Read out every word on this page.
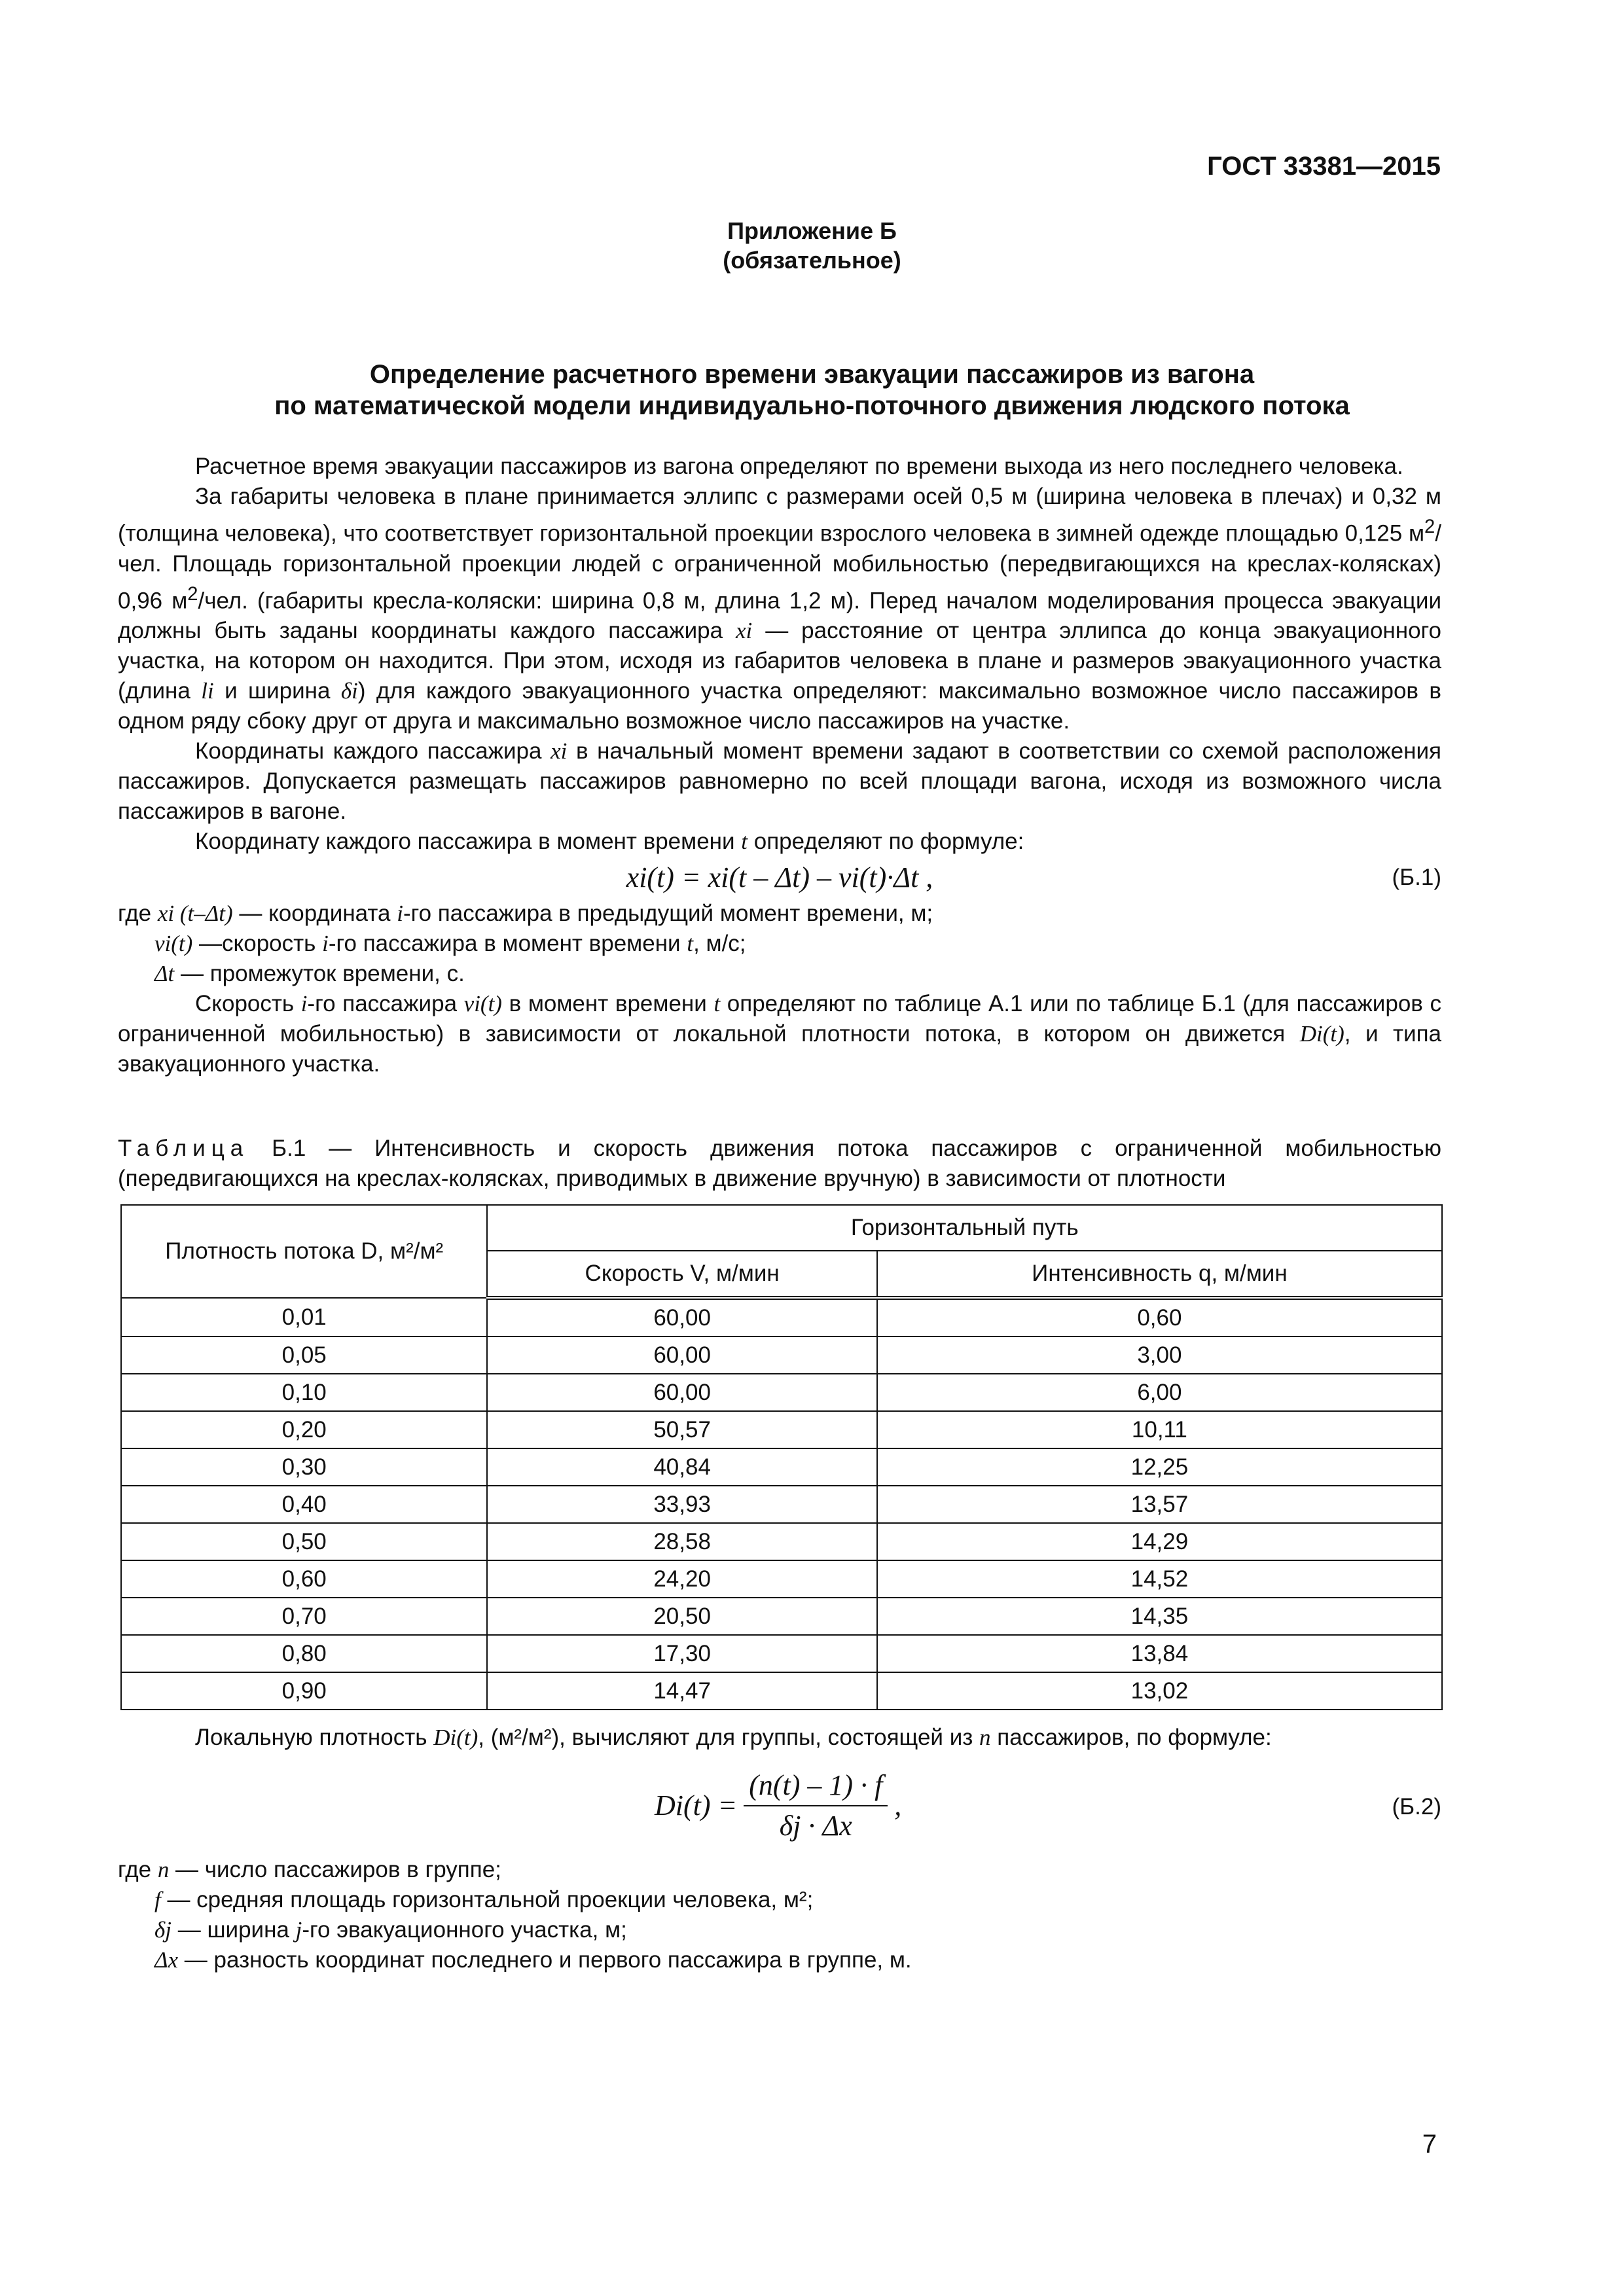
ГОСТ 33381—2015
Приложение Б
(обязательное)
Определение расчетного времени эвакуации пассажиров из вагона
по математической модели индивидуально-поточного движения людского потока

Расчетное время эвакуации пассажиров из вагона определяют по времени выхода из него последнего человека.

За габариты человека в плане принимается эллипс с размерами осей 0,5 м (ширина человека в плечах) и 0,32 м (толщина человека), что соответствует горизонтальной проекции взрослого человека в зимней одежде площадью 0,125 $м^2$/чел. Площадь горизонтальной проекции людей с ограниченной мобильностью (передвигающихся на креслах-колясках) 0,96 $м^2$/чел. (габариты кресла-коляски: ширина 0,8 м, длина 1,2 м). Перед началом моделирования процесса эвакуации должны быть заданы координаты каждого пассажира xi — расстояние от центра эллипса до конца эвакуационного участка, на котором он находится. При этом, исходя из габаритов человека в плане и размеров эвакуационного участка (длина li и ширина δi) для каждого эвакуационного участка определяют: максимально возможное число пассажиров в одном ряду сбоку друг от друга и максимально возможное число пассажиров на участке.

Координаты каждого пассажира xi в начальный момент времени задают в соответствии со схемой расположения пассажиров. Допускается размещать пассажиров равномерно по всей площади вагона, исходя из возможного числа пассажиров в вагоне.

Координату каждого пассажира в момент времени t определяют по формуле:

xi(t) = xi(t – Δt) – vi(t)·Δt ,	(Б.1)
где xi (t–Δt) — координата i-го пассажира в предыдущий момент времени, м;
vi(t) —скорость i-го пассажира в момент времени t, м/с;
Δt — промежуток времени, с.

Скорость i-го пассажира vi(t) в момент времени t определяют по таблице А.1 или по таблице Б.1 (для пассажиров с ограниченной мобильностью) в зависимости от локальной плотности потока, в котором он движется Di(t), и типа эвакуационного участка.

Таблица Б.1 — Интенсивность и скорость движения потока пассажиров с ограниченной мобильностью (передвигающихся на креслах-колясках, приводимых в движение вручную) в зависимости от плотности
Плотность потока D, м²/м²	Горизонтальный путь	
	Скорость V, м/мин	Интенсивность q, м/мин
0,01	60,00	0,60
0,05	60,00	3,00
0,10	60,00	6,00
0,20	50,57	10,11
0,30	40,84	12,25
0,40	33,93	13,57
0,50	28,58	14,29
0,60	24,20	14,52
0,70	20,50	14,35
0,80	17,30	13,84
0,90	14,47	13,02

Локальную плотность Di(t), (м²/м²), вычисляют для группы, состоящей из n пассажиров, по формуле:

$Di(t) = \frac{(n(t) - 1) \cdot f}{\delta j \cdot \Delta x}$ ,	(Б.2)
где n — число пассажиров в группе;
f — средняя площадь горизонтальной проекции человека, м²;
δj — ширина j-го эвакуационного участка, м;
Δx — разность координат последнего и первого пассажира в группе, м.
7
